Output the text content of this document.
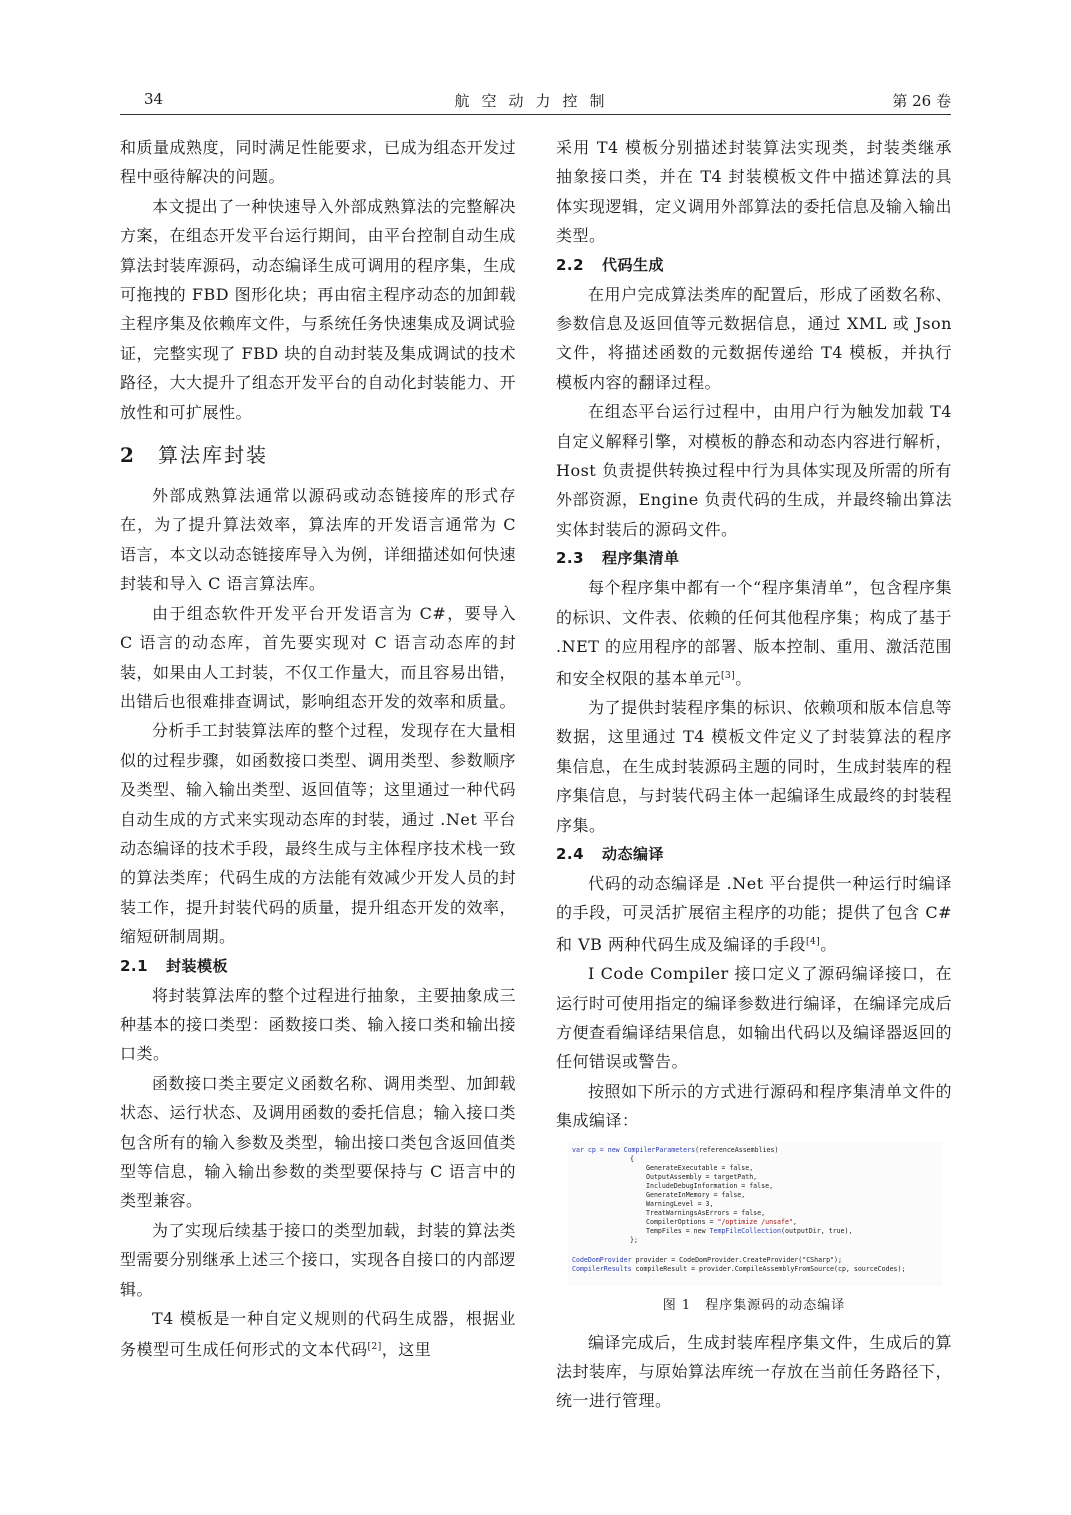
34	航空动力控制	第 26 卷

和质量成熟度，同时满足性能要求，已成为组态开发过程中亟待解决的问题。

本文提出了一种快速导入外部成熟算法的完整解决方案，在组态开发平台运行期间，由平台控制自动生成算法封装库源码，动态编译生成可调用的程序集，生成可拖拽的 FBD 图形化块；再由宿主程序动态的加卸载主程序集及依赖库文件，与系统任务快速集成及调试验证，完整实现了 FBD 块的自动封装及集成调试的技术路径，大大提升了组态开发平台的自动化封装能力、开放性和可扩展性。

2 算法库封装

外部成熟算法通常以源码或动态链接库的形式存在，为了提升算法效率，算法库的开发语言通常为 C 语言，本文以动态链接库导入为例，详细描述如何快速封装和导入 C 语言算法库。

由于组态软件开发平台开发语言为 C#，要导入 C 语言的动态库，首先要实现对 C 语言动态库的封装，如果由人工封装，不仅工作量大，而且容易出错，出错后也很难排查调试，影响组态开发的效率和质量。

分析手工封装算法库的整个过程，发现存在大量相似的过程步骤，如函数接口类型、调用类型、参数顺序及类型、输入输出类型、返回值等；这里通过一种代码自动生成的方式来实现动态库的封装，通过 .Net 平台动态编译的技术手段，最终生成与主体程序技术栈一致的算法类库；代码生成的方法能有效减少开发人员的封装工作，提升封装代码的质量，提升组态开发的效率，缩短研制周期。

2.1 封装模板

将封装算法库的整个过程进行抽象，主要抽象成三种基本的接口类型：函数接口类、输入接口类和输出接口类。

函数接口类主要定义函数名称、调用类型、加卸载状态、运行状态、及调用函数的委托信息；输入接口类包含所有的输入参数及类型，输出接口类包含返回值类型等信息，输入输出参数的类型要保持与 C 语言中的类型兼容。

为了实现后续基于接口的类型加载，封装的算法类型需要分别继承上述三个接口，实现各自接口的内部逻辑。

T4 模板是一种自定义规则的代码生成器，根据业务模型可生成任何形式的文本代码[2]，这里

采用 T4 模板分别描述封装算法实现类，封装类继承抽象接口类，并在 T4 封装模板文件中描述算法的具体实现逻辑，定义调用外部算法的委托信息及输入输出类型。

2.2 代码生成

在用户完成算法类库的配置后，形成了函数名称、参数信息及返回值等元数据信息，通过 XML 或 Json 文件，将描述函数的元数据传递给 T4 模板，并执行模板内容的翻译过程。

在组态平台运行过程中，由用户行为触发加载 T4 自定义解释引擎，对模板的静态和动态内容进行解析，Host 负责提供转换过程中行为具体实现及所需的所有外部资源，Engine 负责代码的生成，并最终输出算法实体封装后的源码文件。

2.3 程序集清单

每个程序集中都有一个“程序集清单”，包含程序集的标识、文件表、依赖的任何其他程序集；构成了基于 .NET 的应用程序的部署、版本控制、重用、激活范围和安全权限的基本单元[3]。

为了提供封装程序集的标识、依赖项和版本信息等数据，这里通过 T4 模板文件定义了封装算法的程序集信息，在生成封装源码主题的同时，生成封装库的程序集信息，与封装代码主体一起编译生成最终的封装程序集。

2.4 动态编译

代码的动态编译是 .Net 平台提供一种运行时编译的手段，可灵活扩展宿主程序的功能；提供了包含 C# 和 VB 两种代码生成及编译的手段[4]。

I Code Compiler 接口定义了源码编译接口，在运行时可使用指定的编译参数进行编译，在编译完成后方便查看编译结果信息，如输出代码以及编译器返回的任何错误或警告。

按照如下所示的方式进行源码和程序集清单文件的集成编译：

var cp = new CompilerParameters(referenceAssemblies)
{
GenerateExecutable = false,
OutputAssembly = targetPath,
IncludeDebugInformation = false,
GenerateInMemory = false,
WarningLevel = 3,
TreatWarningsAsErrors = false,
CompilerOptions = "/optimize /unsafe",
TempFiles = new TempFileCollection(outputDir, true),
};
CodeDomProvider provider = CodeDomProvider.CreateProvider("CSharp");
CompilerResults compileResult = provider.CompileAssemblyFromSource(cp, sourceCodes);
图 1　程序集源码的动态编译

编译完成后，生成封装库程序集文件，生成后的算法封装库，与原始算法库统一存放在当前任务路径下，统一进行管理。
